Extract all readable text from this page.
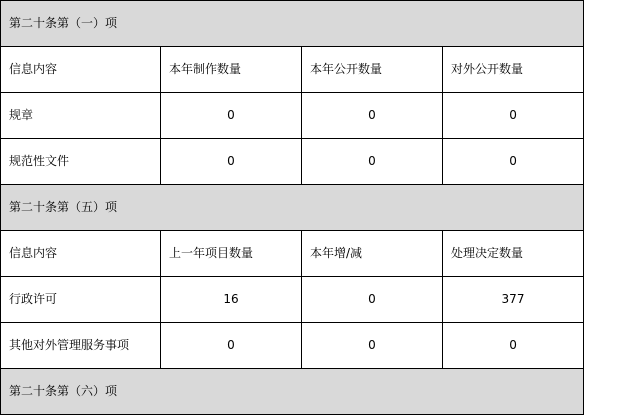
第二十条第（一）项			
信息内容	本年制作数量	本年公开数量	对外公开数量
规章	0	0	0
规范性文件	0	0	0
第二十条第（五）项			
信息内容	上一年项目数量	本年增/减	处理决定数量
行政许可	16	0	377
其他对外管理服务事项	0	0	0
第二十条第（六）项			
